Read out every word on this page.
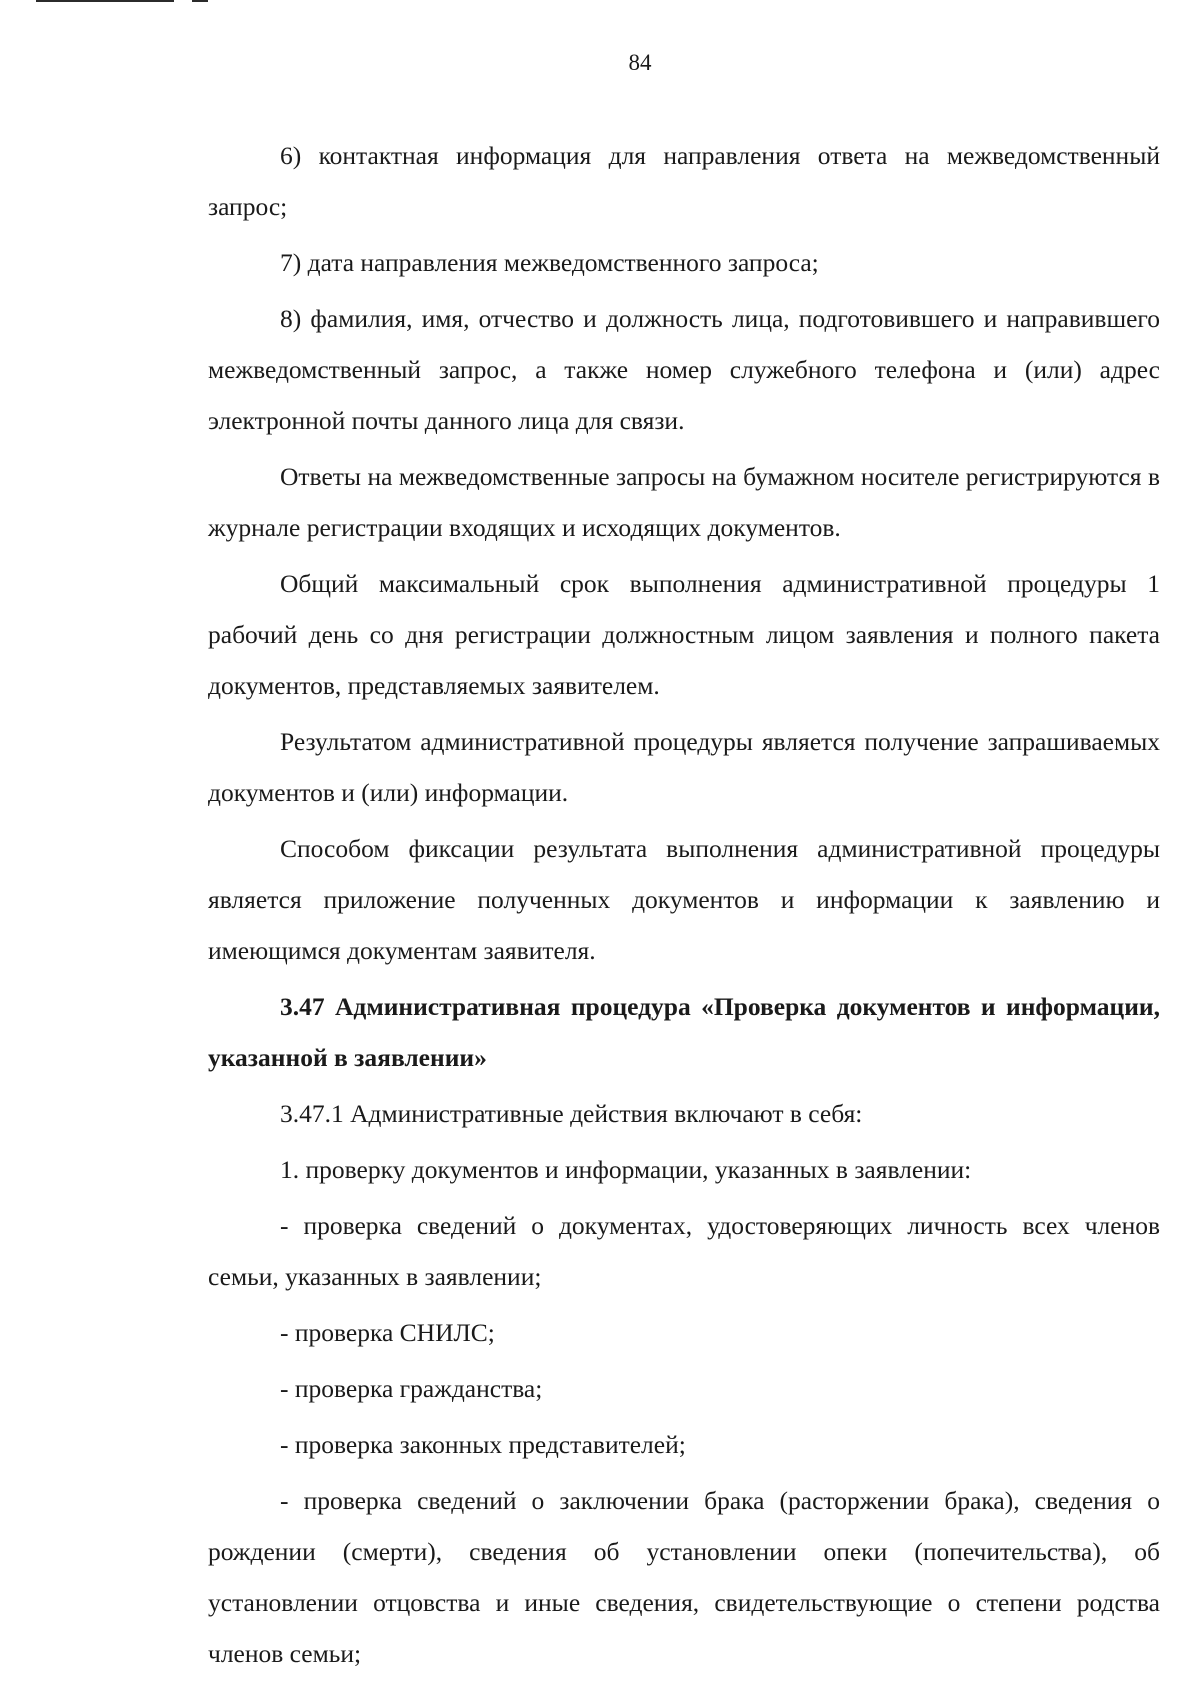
84

6) контактная информация для направления ответа на межведомственный запрос;

7) дата направления межведомственного запроса;

8) фамилия, имя, отчество и должность лица, подготовившего и направившего межведомственный запрос, а также номер служебного телефона и (или) адрес электронной почты данного лица для связи.

Ответы на межведомственные запросы на бумажном носителе регистрируются в журнале регистрации входящих и исходящих документов.

Общий максимальный срок выполнения административной процедуры 1 рабочий день со дня регистрации должностным лицом заявления и полного пакета документов, представляемых заявителем.

Результатом административной процедуры является получение запрашиваемых документов и (или) информации.

Способом фиксации результата выполнения административной процедуры является приложение полученных документов и информации к заявлению и имеющимся документам заявителя.

3.47 Административная процедура «Проверка документов и информации, указанной в заявлении»

3.47.1 Административные действия включают в себя:

1. проверку документов и информации, указанных в заявлении:

- проверка сведений о документах, удостоверяющих личность всех членов семьи, указанных в заявлении;

- проверка СНИЛС;

- проверка гражданства;

- проверка законных представителей;

- проверка сведений о заключении брака (расторжении брака), сведения о рождении (смерти), сведения об установлении опеки (попечительства), об установлении отцовства и иные сведения, свидетельствующие о степени родства членов семьи;
